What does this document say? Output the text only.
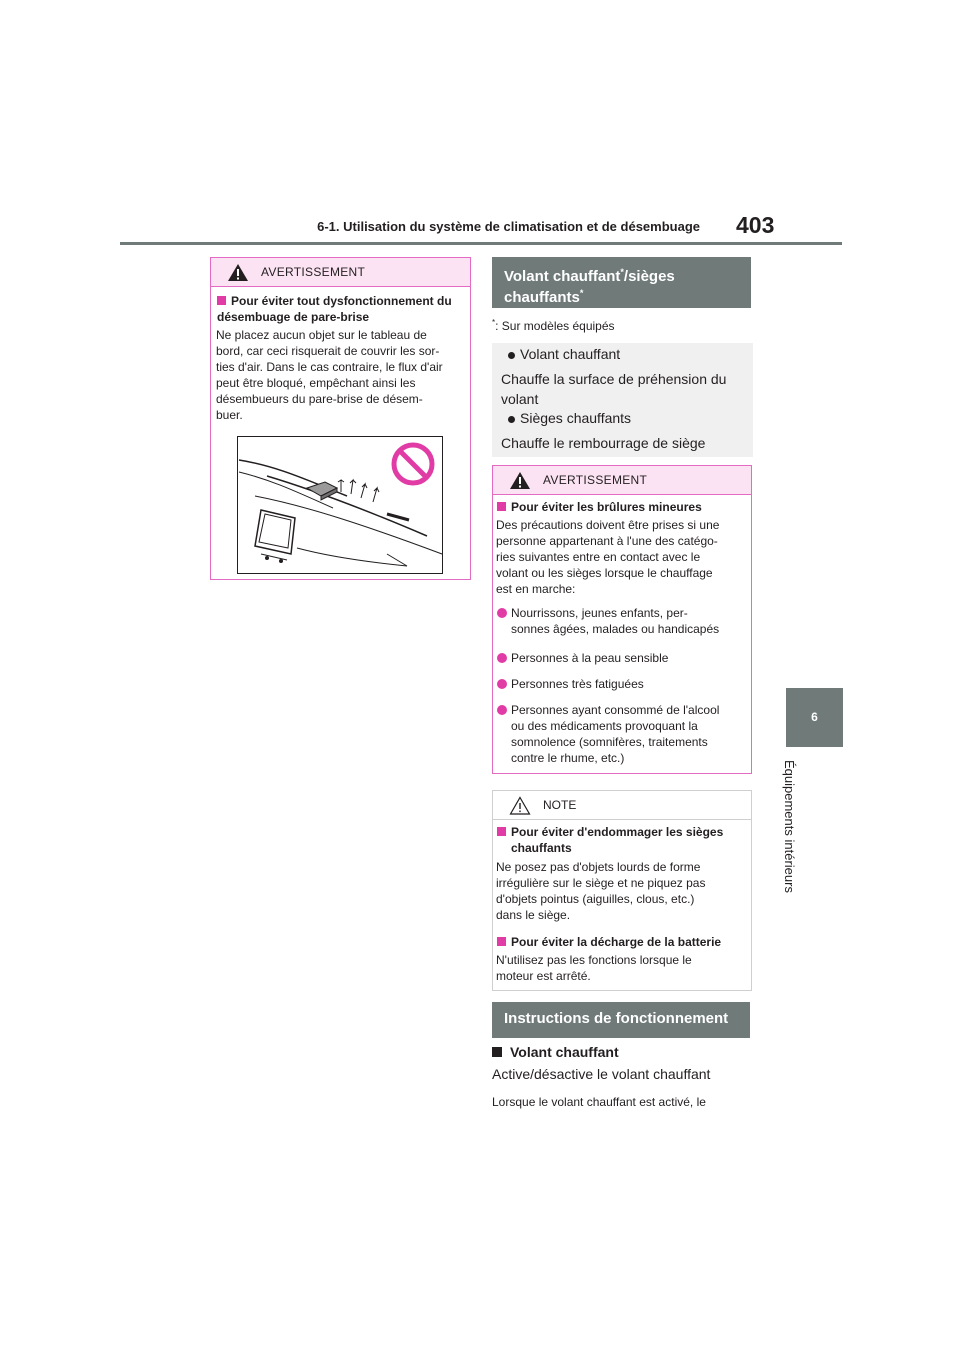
6-1. Utilisation du système de climatisation et de désembuage 403
6
Équipements intérieurs
AVERTISSEMENT
Pour éviter tout dysfonctionnement du désembuage de pare-brise
Ne placez aucun objet sur le tableau de
bord, car ceci risquerait de couvrir les sor-
ties d'air. Dans le cas contraire, le flux d'air
peut être bloqué, empêchant ainsi les
désembueurs du pare-brise de désem-
buer.
Volant chauffant*/sièges
chauffants*
*: Sur modèles équipés
Volant chauffant
Chauffe la surface de préhension du
volant
Sièges chauffants
Chauffe le rembourrage de siège
AVERTISSEMENT
Pour éviter les brûlures mineures
Des précautions doivent être prises si une
personne appartenant à l'une des catégo-
ries suivantes entre en contact avec le
volant ou les sièges lorsque le chauffage
est en marche:
Nourrissons, jeunes enfants, per-
sonnes âgées, malades ou handicapés
Personnes à la peau sensible
Personnes très fatiguées
Personnes ayant consommé de l'alcool
ou des médicaments provoquant la
somnolence (somnifères, traitements
contre le rhume, etc.)
NOTE
Pour éviter d'endommager les sièges
chauffants
Ne posez pas d'objets lourds de forme
irrégulière sur le siège et ne piquez pas
d'objets pointus (aiguilles, clous, etc.)
dans le siège.
Pour éviter la décharge de la batterie
N'utilisez pas les fonctions lorsque le
moteur est arrêté.
Instructions de fonctionnement
Volant chauffant
Active/désactive le volant chauffant
Lorsque le volant chauffant est activé, le
